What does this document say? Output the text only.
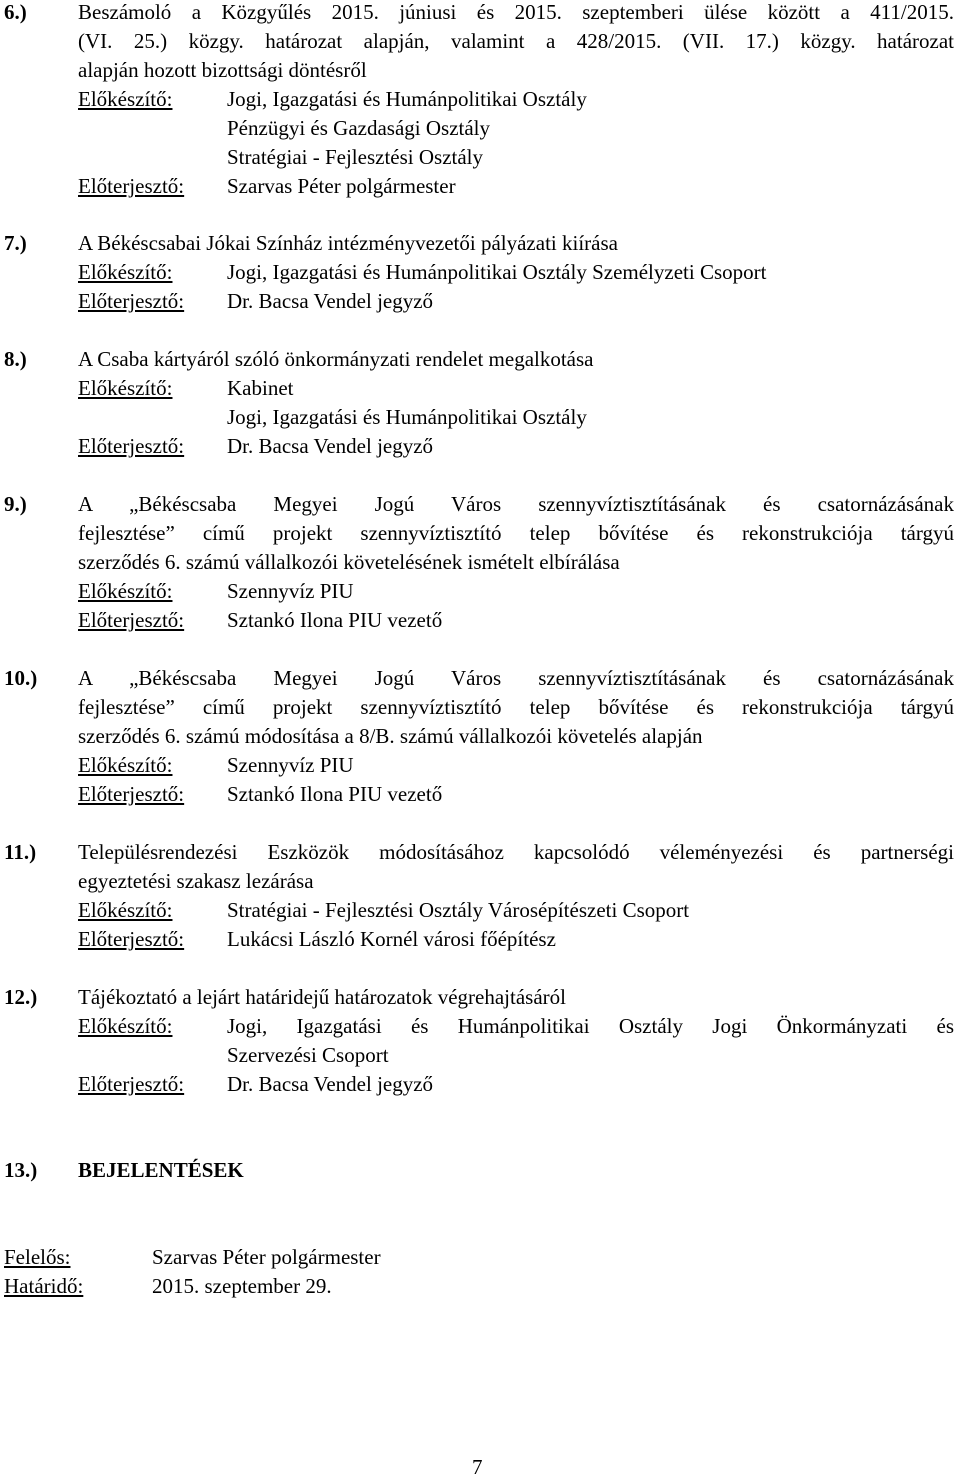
6.) Beszámoló a Közgyűlés 2015. júniusi és 2015. szeptemberi ülése között a 411/2015.
(VI. 25.) közgy. határozat alapján, valamint a 428/2015. (VII. 17.) közgy. határozat
alapján hozott bizottsági döntésről
Előkészítő:	Jogi, Igazgatási és Humánpolitikai Osztály
Pénzügyi és Gazdasági Osztály
Stratégiai - Fejlesztési Osztály
Előterjesztő: Szarvas Péter polgármester
7.) A Békéscsabai Jókai Színház intézményvezetői pályázati kiírása
Előkészítő:	Jogi, Igazgatási és Humánpolitikai Osztály Személyzeti Csoport
Előterjesztő: Dr. Bacsa Vendel jegyző
8.) A Csaba kártyáról szóló önkormányzati rendelet megalkotása
Előkészítő:	Kabinet
Jogi, Igazgatási és Humánpolitikai Osztály
Előterjesztő: Dr. Bacsa Vendel jegyző
9.) A „Békéscsaba Megyei Jogú Város szennyvíztisztításának és csatornázásának
fejlesztése” című projekt szennyvíztisztító telep bővítése és rekonstrukciója tárgyú
szerződés 6. számú vállalkozói követelésének ismételt elbírálása
Előkészítő:	Szennyvíz PIU
Előterjesztő: Sztankó Ilona PIU vezető
10.) A „Békéscsaba Megyei Jogú Város szennyvíztisztításának és csatornázásának
fejlesztése” című projekt szennyvíztisztító telep bővítése és rekonstrukciója tárgyú
szerződés 6. számú módosítása a 8/B. számú vállalkozói követelés alapján
Előkészítő:	Szennyvíz PIU
Előterjesztő: Sztankó Ilona PIU vezető
11.) Településrendezési Eszközök módosításához kapcsolódó véleményezési és partnerségi
egyeztetési szakasz lezárása
Előkészítő:	Stratégiai - Fejlesztési Osztály Városépítészeti Csoport
Előterjesztő: Lukácsi László Kornél városi főépítész
12.) Tájékoztató a lejárt határidejű határozatok végrehajtásáról
Előkészítő:	Jogi, Igazgatási és Humánpolitikai Osztály Jogi Önkormányzati és
Szervezési Csoport
Előterjesztő: Dr. Bacsa Vendel jegyző
13.) BEJELENTÉSEK
Felelős:	Szarvas Péter polgármester
Határidő:	2015. szeptember 29.
7
